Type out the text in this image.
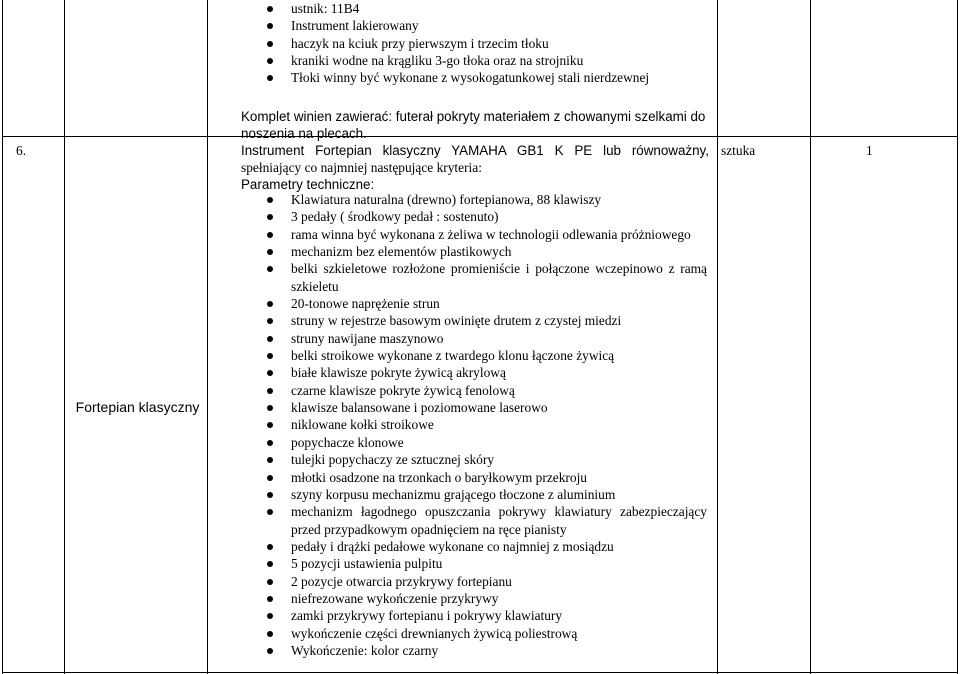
ustnik: 11B4
Instrument lakierowany
haczyk na kciuk przy pierwszym i trzecim tłoku
kraniki wodne na krągliku 3-go tłoka oraz na strojniku
Tłoki winny być wykonane z wysokogatunkowej stali nierdzewnej
Komplet winien zawierać: futerał pokryty materiałem z chowanymi szelkami do
noszenia na plecach.
6.
Fortepian klasyczny
Instrument Fortepian klasyczny YAMAHA GB1 K PE lub równoważny,
spełniający co najmniej następujące kryteria:
Parametry techniczne:
Klawiatura naturalna (drewno) fortepianowa, 88 klawiszy
3 pedały ( środkowy pedał : sostenuto)
rama winna być wykonana z żeliwa w technologii odlewania próżniowego
mechanizm bez elementów plastikowych
belki szkieletowe rozłożone promieniście i połączone wczepinowo z ramą szkieletu
20-tonowe naprężenie strun
struny w rejestrze basowym owinięte drutem z czystej miedzi
struny nawijane maszynowo
belki stroikowe wykonane z twardego klonu łączone żywicą
białe klawisze pokryte żywicą akrylową
czarne klawisze pokryte żywicą fenolową
klawisze balansowane i poziomowane laserowo
niklowane kołki stroikowe
popychacze klonowe
tulejki popychaczy ze sztucznej skóry
młotki osadzone na trzonkach o baryłkowym przekroju
szyny korpusu mechanizmu grającego tłoczone z aluminium
mechanizm łagodnego opuszczania pokrywy klawiatury zabezpieczający przed przypadkowym opadnięciem na ręce pianisty
pedały i drążki pedałowe wykonane co najmniej z mosiądzu
5 pozycji ustawienia pulpitu
2 pozycje otwarcia przykrywy fortepianu
niefrezowane wykończenie przykrywy
zamki przykrywy fortepianu i pokrywy klawiatury
wykończenie części drewnianych żywicą poliestrową
Wykończenie: kolor czarny
sztuka	1
